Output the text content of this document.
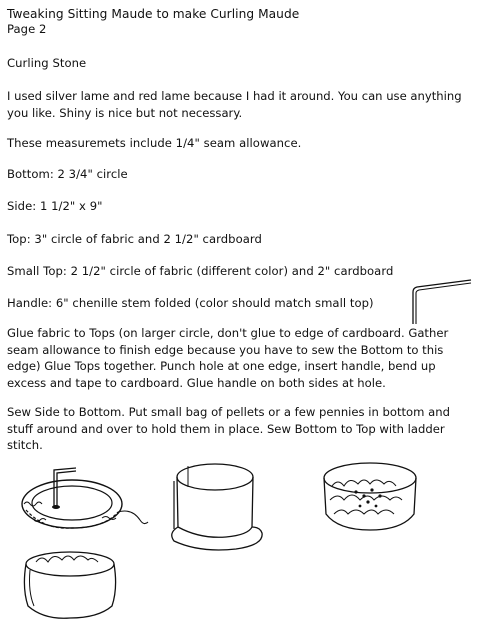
Tweaking Sitting Maude to make Curling Maude

Page 2

Curling Stone

I used silver lame and red lame because I had it around. You can use anything
you like. Shiny is nice but not necessary.

These measuremets include 1/4" seam allowance.

Bottom: 2 3/4" circle

Side: 1 1/2" x 9"

Top: 3" circle of fabric and 2 1/2" cardboard

Small Top: 2 1/2" circle of fabric (different color) and 2" cardboard

Handle: 6" chenille stem folded (color should match small top)

Glue fabric to Tops (on larger circle, don't glue to edge of cardboard. Gather
seam allowance to finish edge because you have to sew the Bottom to this
edge) Glue Tops together. Punch hole at one edge, insert handle, bend up
excess and tape to cardboard. Glue handle on both sides at hole.
Sew Side to Bottom. Put small bag of pellets or a few pennies in bottom and
stuff around and over to hold them in place. Sew Bottom to Top with ladder
stitch.
